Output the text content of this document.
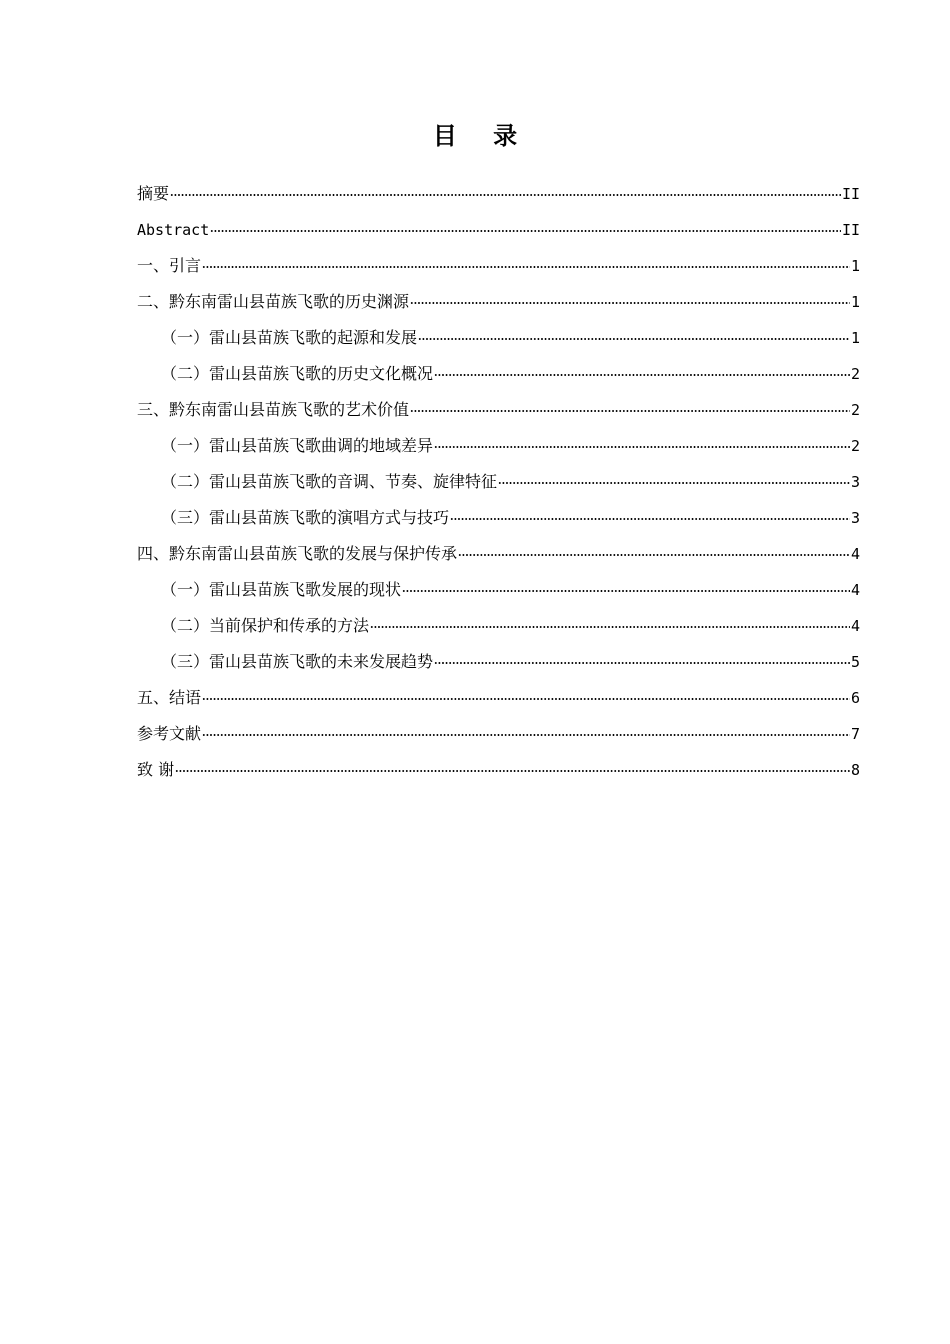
目 录
摘要	II
Abstract	II
一、引言	1
二、黔东南雷山县苗族飞歌的历史渊源	1
（一）雷山县苗族飞歌的起源和发展	1
（二）雷山县苗族飞歌的历史文化概况	2
三、黔东南雷山县苗族飞歌的艺术价值	2
（一）雷山县苗族飞歌曲调的地域差异	2
（二）雷山县苗族飞歌的音调、节奏、旋律特征	3
（三）雷山县苗族飞歌的演唱方式与技巧	3
四、黔东南雷山县苗族飞歌的发展与保护传承	4
（一）雷山县苗族飞歌发展的现状	4
（二）当前保护和传承的方法	4
（三）雷山县苗族飞歌的未来发展趋势	5
五、结语	6
参考文献	7
致 谢	8
